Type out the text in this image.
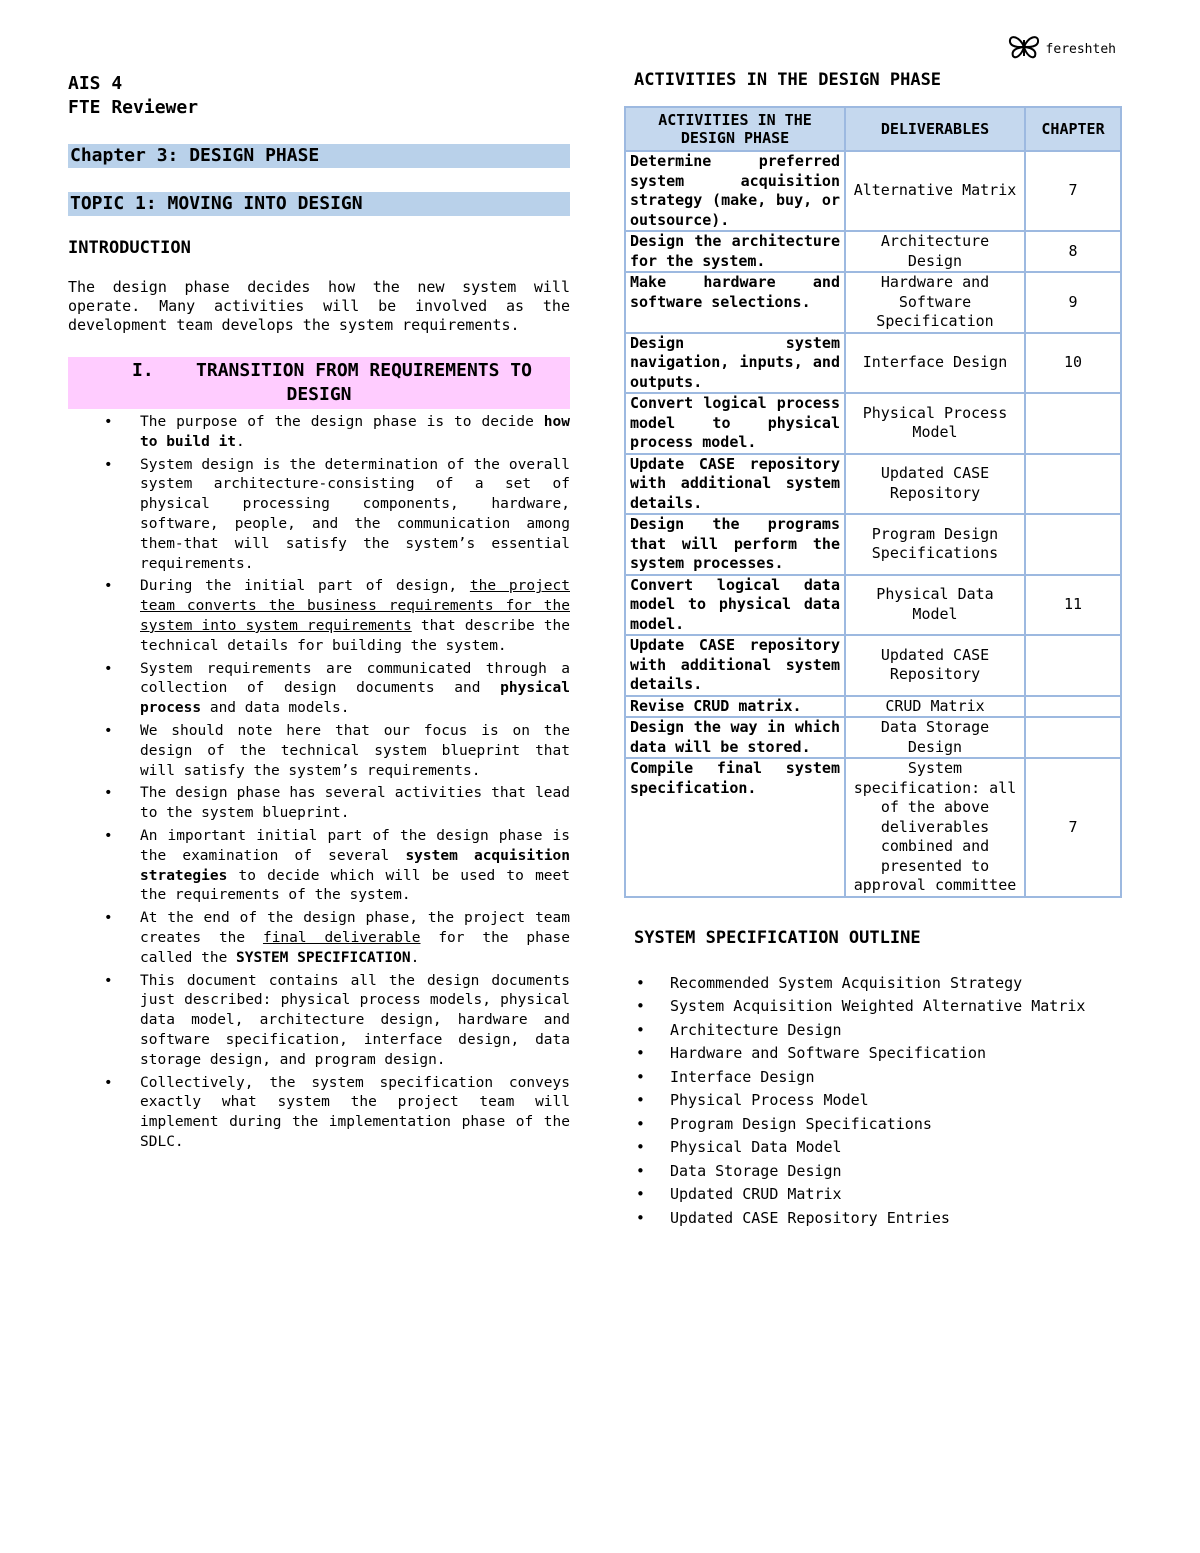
fereshteh
AIS 4
FTE Reviewer
Chapter 3: DESIGN PHASE
TOPIC 1: MOVING INTO DESIGN
INTRODUCTION
The design phase decides how the new system will operate. Many activities will be involved as the development team develops the system requirements.
I. TRANSITION FROM REQUIREMENTS TO DESIGN
• The purpose of the design phase is to decide how to build it.
• System design is the determination of the overall system architecture-consisting of a set of physical processing components, hardware, software, people, and the communication among them-that will satisfy the system’s essential requirements.
• During the initial part of design, the project team converts the business requirements for the system into system requirements that describe the technical details for building the system.
• System requirements are communicated through a collection of design documents and physical process and data models.
• We should note here that our focus is on the design of the technical system blueprint that will satisfy the system’s requirements.
• The design phase has several activities that lead to the system blueprint.
• An important initial part of the design phase is the examination of several system acquisition strategies to decide which will be used to meet the requirements of the system.
• At the end of the design phase, the project team creates the final deliverable for the phase called the SYSTEM SPECIFICATION.
• This document contains all the design documents just described: physical process models, physical data model, architecture design, hardware and software specification, interface design, data storage design, and program design.
• Collectively, the system specification conveys exactly what system the project team will implement during the implementation phase of the SDLC.
ACTIVITIES IN THE DESIGN PHASE
ACTIVITIES IN THE DESIGN PHASE	DELIVERABLES	CHAPTER
Determine preferred system acquisition strategy (make, buy, or outsource).	Alternative Matrix	7
Design the architecture for the system.	Architecture Design	8
Make hardware and software selections.	Hardware and Software Specification	9
Design system navigation, inputs, and outputs.	Interface Design	10
Convert logical process model to physical process model.	Physical Process Model	
Update CASE repository with additional system details.	Updated CASE Repository	
Design the programs that will perform the system processes.	Program Design Specifications	
Convert logical data model to physical data model.	Physical Data Model	11
Update CASE repository with additional system details.	Updated CASE Repository	
Revise CRUD matrix.	CRUD Matrix	
Design the way in which data will be stored.	Data Storage Design	
Compile final system specification.	System specification: all of the above deliverables combined and presented to approval committee	7
SYSTEM SPECIFICATION OUTLINE
• Recommended System Acquisition Strategy
• System Acquisition Weighted Alternative Matrix
• Architecture Design
• Hardware and Software Specification
• Interface Design
• Physical Process Model
• Program Design Specifications
• Physical Data Model
• Data Storage Design
• Updated CRUD Matrix
• Updated CASE Repository Entries
